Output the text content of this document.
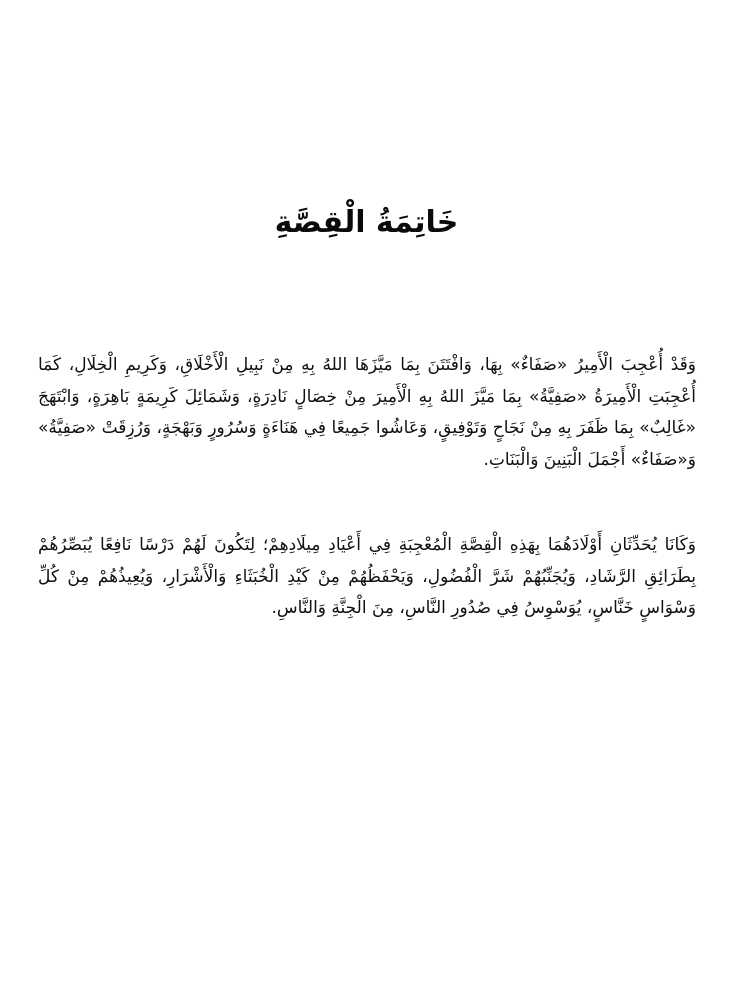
خَاتِمَةُ الْقِصَّةِ

وَقَدْ أُعْجِبَ الْأَمِيرُ «صَفَاءٌ» بِهَا، وَافْتَتَنَ بِمَا مَيَّزَهَا اللهُ بِهِ مِنْ نَبِيلِ الْأَخْلَاقِ، وَكَرِيمِ الْخِلَالِ، كَمَا أُعْجِبَتِ الْأَمِيرَةُ «صَفِيَّةُ» بِمَا مَيَّزَ اللهُ بِهِ الْأَمِيرَ مِنْ خِصَالٍ نَادِرَةٍ، وَشَمَائِلَ كَرِيمَةٍ بَاهِرَةٍ، وَابْتَهَجَ «غَالِبٌ» بِمَا ظَفَرَ بِهِ مِنْ نَجَاحٍ وَتَوْفِيقٍ، وَعَاشُوا جَمِيعًا فِي هَنَاءَةٍ وَسُرُورٍ وَبَهْجَةٍ، وَرُزِقَتْ «صَفِيَّةُ» وَ«صَفَاءٌ» أَجْمَلَ الْبَنِينَ وَالْبَنَاتِ.

وَكَانَا يُحَدِّثَانِ أَوْلَادَهُمَا بِهَذِهِ الْقِصَّةِ الْمُعْجِبَةِ فِي أَعْيَادِ مِيلَادِهِمْ؛ لِتَكُونَ لَهُمْ دَرْسًا نَافِعًا يُبَصِّرُهُمْ بِطَرَائِقِ الرَّشَادِ، وَيُجَنِّبُهُمْ شَرَّ الْفُضُولِ، وَيَحْفَظُهُمْ مِنْ كَيْدِ الْخُبَثَاءِ وَالْأَشْرَارِ، وَيُعِيذُهُمْ مِنْ كُلِّ وَسْوَاسٍ خَنَّاسٍ، يُوَسْوِسُ فِي صُدُورِ النَّاسِ، مِنَ الْجِنَّةِ وَالنَّاسِ.
